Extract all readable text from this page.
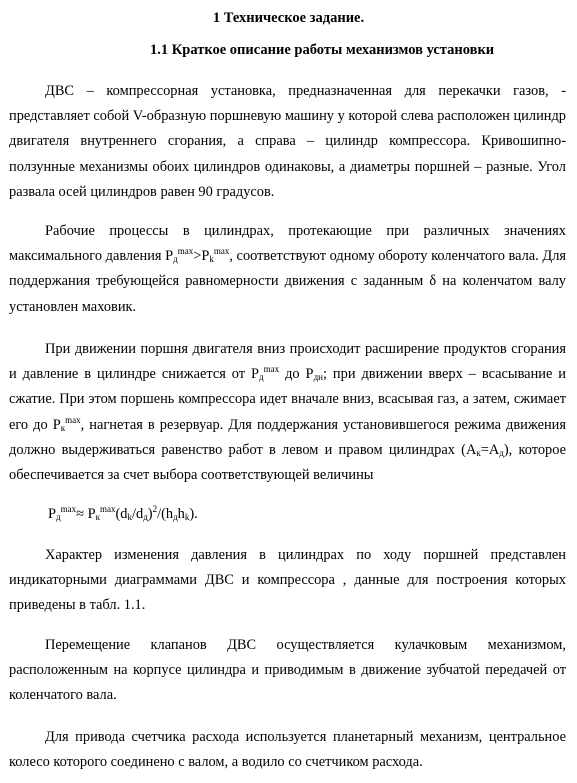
1 Техническое задание.
1.1 Краткое описание работы механизмов установки
ДВС – компрессорная установка, предназначенная для перекачки газов, - представляет собой V-образную поршневую машину у которой слева расположен цилиндр двигателя внутреннего сгорания, а справа – цилиндр компрессора. Кривошипно-ползунные механизмы обоих цилиндров одинаковы, а диаметры поршней – разные. Угол развала осей цилиндров равен 90 градусов.
Рабочие процессы в цилиндрах, протекающие при различных значениях максимального давления $P_д^{max}>P_k^{max}$, соответствуют одному обороту коленчатого вала. Для поддержания требующейся равномерности движения с заданным δ на коленчатом валу установлен маховик.
При движении поршня двигателя вниз происходит расширение продуктов сгорания и давление в цилиндре снижается от $P_д^{max}$ до $P_{дн}$; при движении вверх – всасывание и сжатие. При этом поршень компрессора идет вначале вниз, всасывая газ, а затем, сжимает его до $P_к^{max}$, нагнетая в резервуар. Для поддержания установившегося режима движения должно выдерживаться равенство работ в левом и правом цилиндрах $(A_к=A_д)$, которое обеспечивается за счет выбора соответствующей величины
$P_д^{max}\approx P_к^{max}(d_k/d_д)^2/(h_дh_k)$.
Характер изменения давления в цилиндрах по ходу поршней представлен индикаторными диаграммами ДВС и компрессора , данные для построения которых приведены в табл. 1.1.
Перемещение клапанов ДВС осуществляется кулачковым механизмом, расположенным на корпусе цилиндра и приводимым в движение зубчатой передачей от коленчатого вала.
Для привода счетчика расхода используется планетарный механизм, центральное колесо которого соединено с валом, а водило со счетчиком расхода.
